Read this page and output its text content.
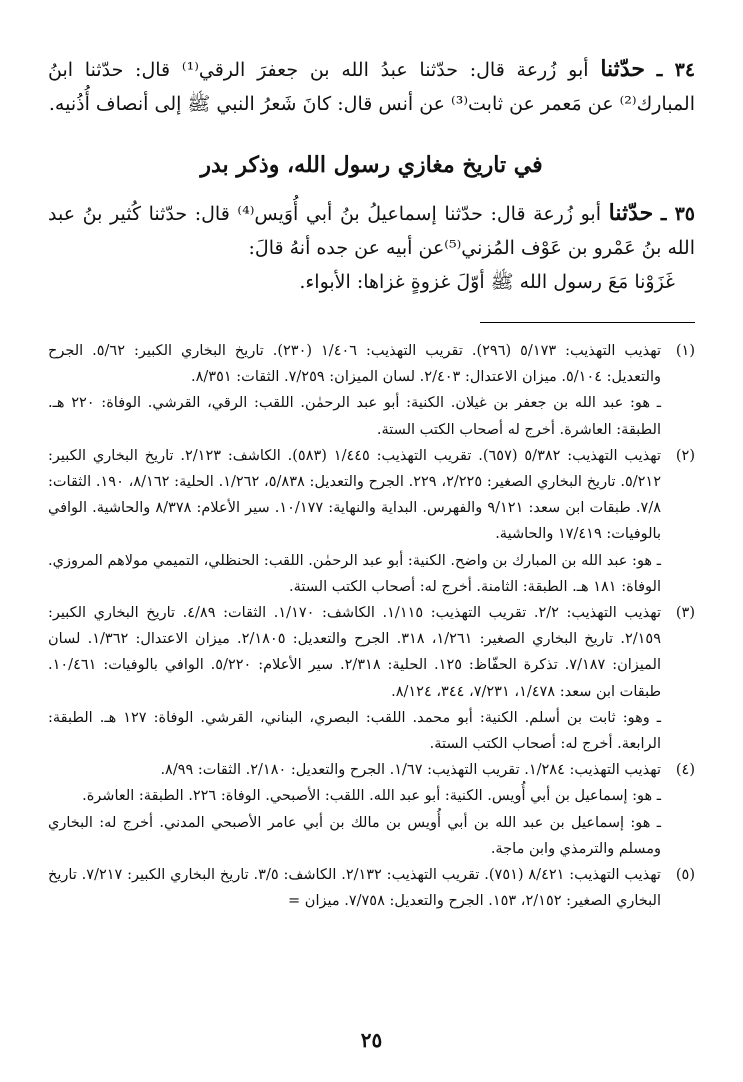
٣٤ ـ حدّثنا أبو زُرعة قال: حدّثنا عبدُ الله بن جعفرَ الرقي⁽¹⁾ قال: حدّثنا ابنُ المبارك⁽²⁾ عن مَعمر عن ثابت⁽³⁾ عن أنس قال: كانَ شَعرُ النبي ﷺ إلى أنصاف أُذُنيه.
في تاريخ مغازي رسول الله، وذكر بدر
٣٥ ـ حدّثنا أبو زُرعة قال: حدّثنا إسماعيلُ بنُ أبي أُوَيس⁽⁴⁾ قال: حدّثنا كُثير بنُ عبد الله بنُ عَمْرو بن عَوْف المُزني⁽⁵⁾عن أبيه عن جده أنهُ قالَ:
غَزَوْنا مَعَ رسول الله ﷺ أوّلَ غزوةٍ غزاها: الأبواء.
(١)
تهذيب التهذيب: ٥/١٧٣ (٢٩٦). تقريب التهذيب: ١/٤٠٦ (٢٣٠). تاريخ البخاري الكبير: ٥/٦٢. الجرح والتعديل: ٥/١٠٤. ميزان الاعتدال: ٢/٤٠٣. لسان الميزان: ٧/٢٥٩. الثقات: ٨/٣٥١.
ـ هو: عبد الله بن جعفر بن غيلان. الكنية: أبو عبد الرحمٰن. اللقب: الرقي، القرشي. الوفاة: ٢٢٠ هـ. الطبقة: العاشرة. أخرج له أصحاب الكتب الستة.
(٢)
تهذيب التهذيب: ٥/٣٨٢ (٦٥٧). تقريب التهذيب: ١/٤٤٥ (٥٨٣). الكاشف: ٢/١٢٣. تاريخ البخاري الكبير: ٥/٢١٢. تاريخ البخاري الصغير: ٢/٢٢٥، ٢٢٩. الجرح والتعديل: ٥/٨٣٨، ١/٢٦٢. الحلية: ٨/١٦٢، ١٩٠. الثقات: ٧/٨. طبقات ابن سعد: ٩/١٢١ والفهرس. البداية والنهاية: ١٠/١٧٧. سير الأعلام: ٨/٣٧٨ والحاشية. الوافي بالوفيات: ١٧/٤١٩ والحاشية.
ـ هو: عبد الله بن المبارك بن واضح. الكنية: أبو عبد الرحمٰن. اللقب: الحنظلي، التميمي مولاهم المروزي. الوفاة: ١٨١ هـ. الطبقة: الثامنة. أخرج له: أصحاب الكتب الستة.
(٣)
تهذيب التهذيب: ٢/٢. تقريب التهذيب: ١/١١٥. الكاشف: ١/١٧٠. الثقات: ٤/٨٩. تاريخ البخاري الكبير: ٢/١٥٩. تاريخ البخاري الصغير: ١/٢٦١، ٣١٨. الجرح والتعديل: ٢/١٨٠٥. ميزان الاعتدال: ١/٣٦٢. لسان الميزان: ٧/١٨٧. تذكرة الحفّاظ: ١٢٥. الحلية: ٢/٣١٨. سير الأعلام: ٥/٢٢٠. الوافي بالوفيات: ١٠/٤٦١. طبقات ابن سعد: ١/٤٧٨، ٧/٢٣١، ٣٤٤، ٨/١٢٤.
ـ وهو: ثابت بن أسلم. الكنية: أبو محمد. اللقب: البصري، البناني، القرشي. الوفاة: ١٢٧ هـ. الطبقة: الرابعة. أخرج له: أصحاب الكتب الستة.
(٤)
تهذيب التهذيب: ١/٢٨٤. تقريب التهذيب: ١/٦٧. الجرح والتعديل: ٢/١٨٠. الثقات: ٨/٩٩.
ـ هو: إسماعيل بن أبي أُويس. الكنية: أبو عبد الله. اللقب: الأصبحي. الوفاة: ٢٢٦. الطبقة: العاشرة.
ـ هو: إسماعيل بن عبد الله بن أبي أُويس بن مالك بن أبي عامر الأصبحي المدني. أخرج له: البخاري ومسلم والترمذي وابن ماجة.
(٥)
تهذيب التهذيب: ٨/٤٢١ (٧٥١). تقريب التهذيب: ٢/١٣٢. الكاشف: ٣/٥. تاريخ البخاري الكبير: ٧/٢١٧. تاريخ البخاري الصغير: ٢/١٥٢، ١٥٣. الجرح والتعديل: ٧/٧٥٨. ميزان =
٢٥
